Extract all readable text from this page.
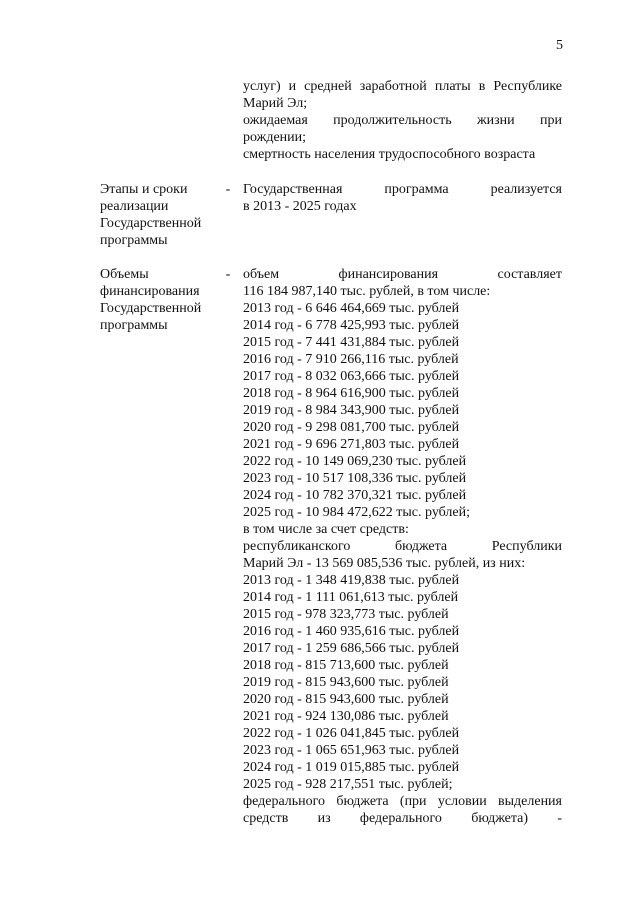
5
услуг) и средней заработной платы в Республике
Марий Эл;
ожидаемая продолжительность жизни при
рождении;
смертность населения трудоспособного возраста
Этапы и сроки
реализации
Государственной
программы
- Государственная программа реализуется
в 2013 - 2025 годах
Объемы
финансирования
Государственной
программы
- объем финансирования составляет
116 184 987,140 тыс. рублей, в том числе:
2013 год - 6 646 464,669 тыс. рублей
2014 год - 6 778 425,993 тыс. рублей
2015 год - 7 441 431,884 тыс. рублей
2016 год - 7 910 266,116 тыс. рублей
2017 год - 8 032 063,666 тыс. рублей
2018 год - 8 964 616,900 тыс. рублей
2019 год - 8 984 343,900 тыс. рублей
2020 год - 9 298 081,700 тыс. рублей
2021 год - 9 696 271,803 тыс. рублей
2022 год - 10 149 069,230 тыс. рублей
2023 год - 10 517 108,336 тыс. рублей
2024 год - 10 782 370,321 тыс. рублей
2025 год - 10 984 472,622 тыс. рублей;
в том числе за счет средств:
республиканского бюджета Республики
Марий Эл - 13 569 085,536 тыс. рублей, из них:
2013 год - 1 348 419,838 тыс. рублей
2014 год - 1 111 061,613 тыс. рублей
2015 год - 978 323,773 тыс. рублей
2016 год - 1 460 935,616 тыс. рублей
2017 год - 1 259 686,566 тыс. рублей
2018 год - 815 713,600 тыс. рублей
2019 год - 815 943,600 тыс. рублей
2020 год - 815 943,600 тыс. рублей
2021 год - 924 130,086 тыс. рублей
2022 год - 1 026 041,845 тыс. рублей
2023 год - 1 065 651,963 тыс. рублей
2024 год - 1 019 015,885 тыс. рублей
2025 год - 928 217,551 тыс. рублей;
федерального бюджета (при условии выделения
средств из федерального бюджета) -
